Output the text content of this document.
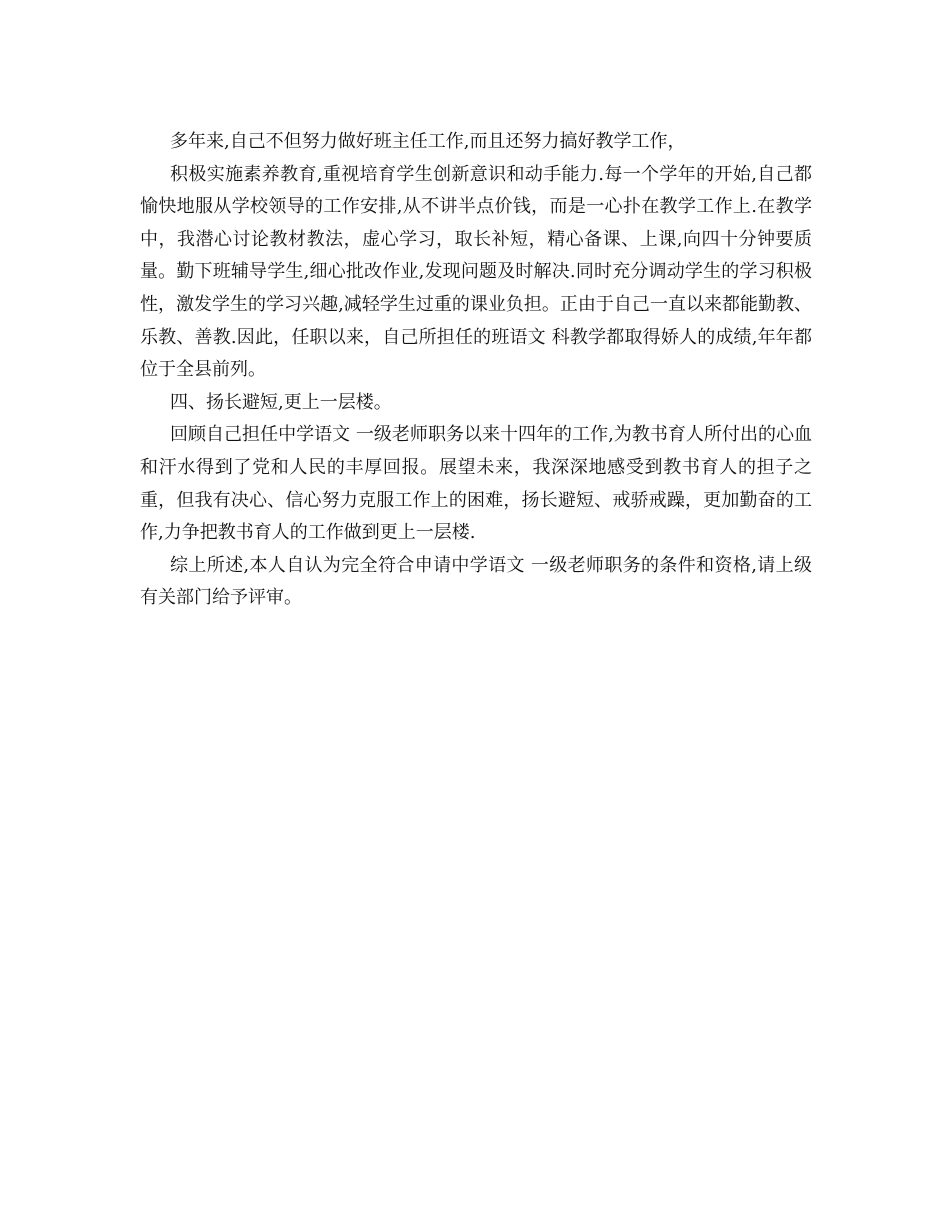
多年来,自己不但努力做好班主任工作,而且还努力搞好教学工作，

积极实施素养教育,重视培育学生创新意识和动手能力.每一个学年的开始,自己都愉快地服从学校领导的工作安排,从不讲半点价钱，而是一心扑在教学工作上.在教学中，我潜心讨论教材教法，虚心学习，取长补短，精心备课、上课,向四十分钟要质量。勤下班辅导学生,细心批改作业,发现问题及时解决.同时充分调动学生的学习积极性，激发学生的学习兴趣,减轻学生过重的课业负担。正由于自己一直以来都能勤教、乐教、善教.因此，任职以来，自己所担任的班语文 科教学都取得娇人的成绩,年年都位于全县前列。

四、扬长避短,更上一层楼。

回顾自己担任中学语文 一级老师职务以来十四年的工作,为教书育人所付出的心血和汗水得到了党和人民的丰厚回报。展望未来，我深深地感受到教书育人的担子之重，但我有决心、信心努力克服工作上的困难，扬长避短、戒骄戒躁，更加勤奋的工作,力争把教书育人的工作做到更上一层楼.

综上所述,本人自认为完全符合申请中学语文 一级老师职务的条件和资格,请上级有关部门给予评审。
